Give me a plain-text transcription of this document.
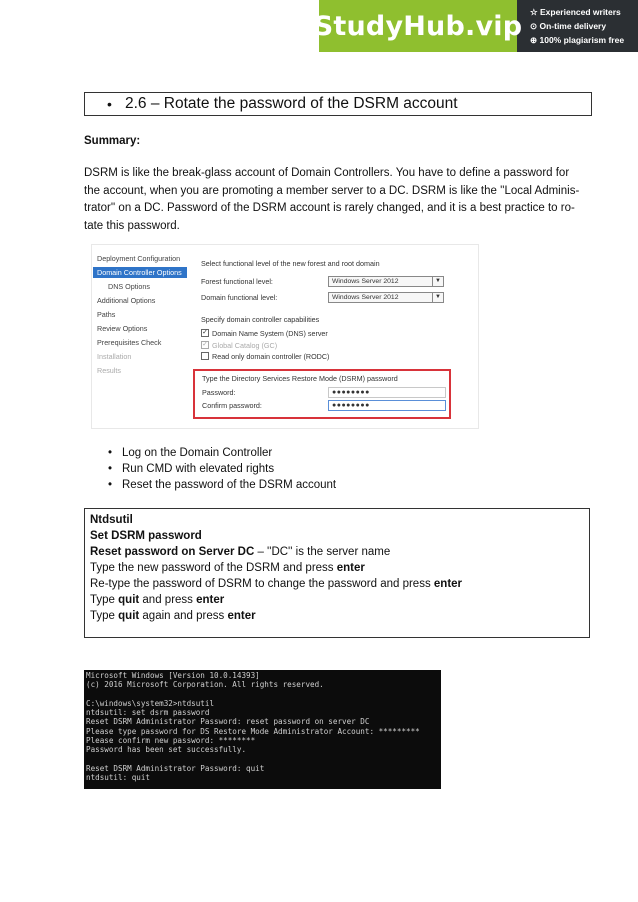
StudyHub.vip ☆ Experienced writers
⊙ On-time delivery
⊕ 100% plagiarism free
• 2.6 – Rotate the password of the DSRM account
Summary:
DSRM is like the break-glass account of Domain Controllers. You have to define a password for
the account, when you are promoting a member server to a DC. DSRM is like the ''Local Adminis-
trator'' on a DC. Password of the DSRM account is rarely changed, and it is a best practice to ro-
tate this password.
Deployment Configuration
Domain Controller Options
DNS Options
Additional Options
Paths
Review Options
Prerequisites Check
Installation
Results
Select functional level of the new forest and root domain
Forest functional level:	Windows Server 2012	▼
Domain functional level:	Windows Server 2012	▼
Specify domain controller capabilities
✓ Domain Name System (DNS) server
✓ Global Catalog (GC)
Read only domain controller (RODC)
Type the Directory Services Restore Mode (DSRM) password
Password:	●●●●●●●●
Confirm password:	●●●●●●●●
• Log on the Domain Controller
• Run CMD with elevated rights
• Reset the password of the DSRM account
Ntdsutil
Set DSRM password
Reset password on Server DC – ''DC'' is the server name
Type the new password of the DSRM and press enter
Re-type the password of DSRM to change the password and press enter
Type quit and press enter
Type quit again and press enter
Microsoft Windows [Version 10.0.14393]
(c) 2016 Microsoft Corporation. All rights reserved.
C:\windows\system32>ntdsutil
ntdsutil: set dsrm password
Reset DSRM Administrator Password: reset password on server DC
Please type password for DS Restore Mode Administrator Account: *********
Please confirm new password: ********
Password has been set successfully.
Reset DSRM Administrator Password: quit
ntdsutil: quit
